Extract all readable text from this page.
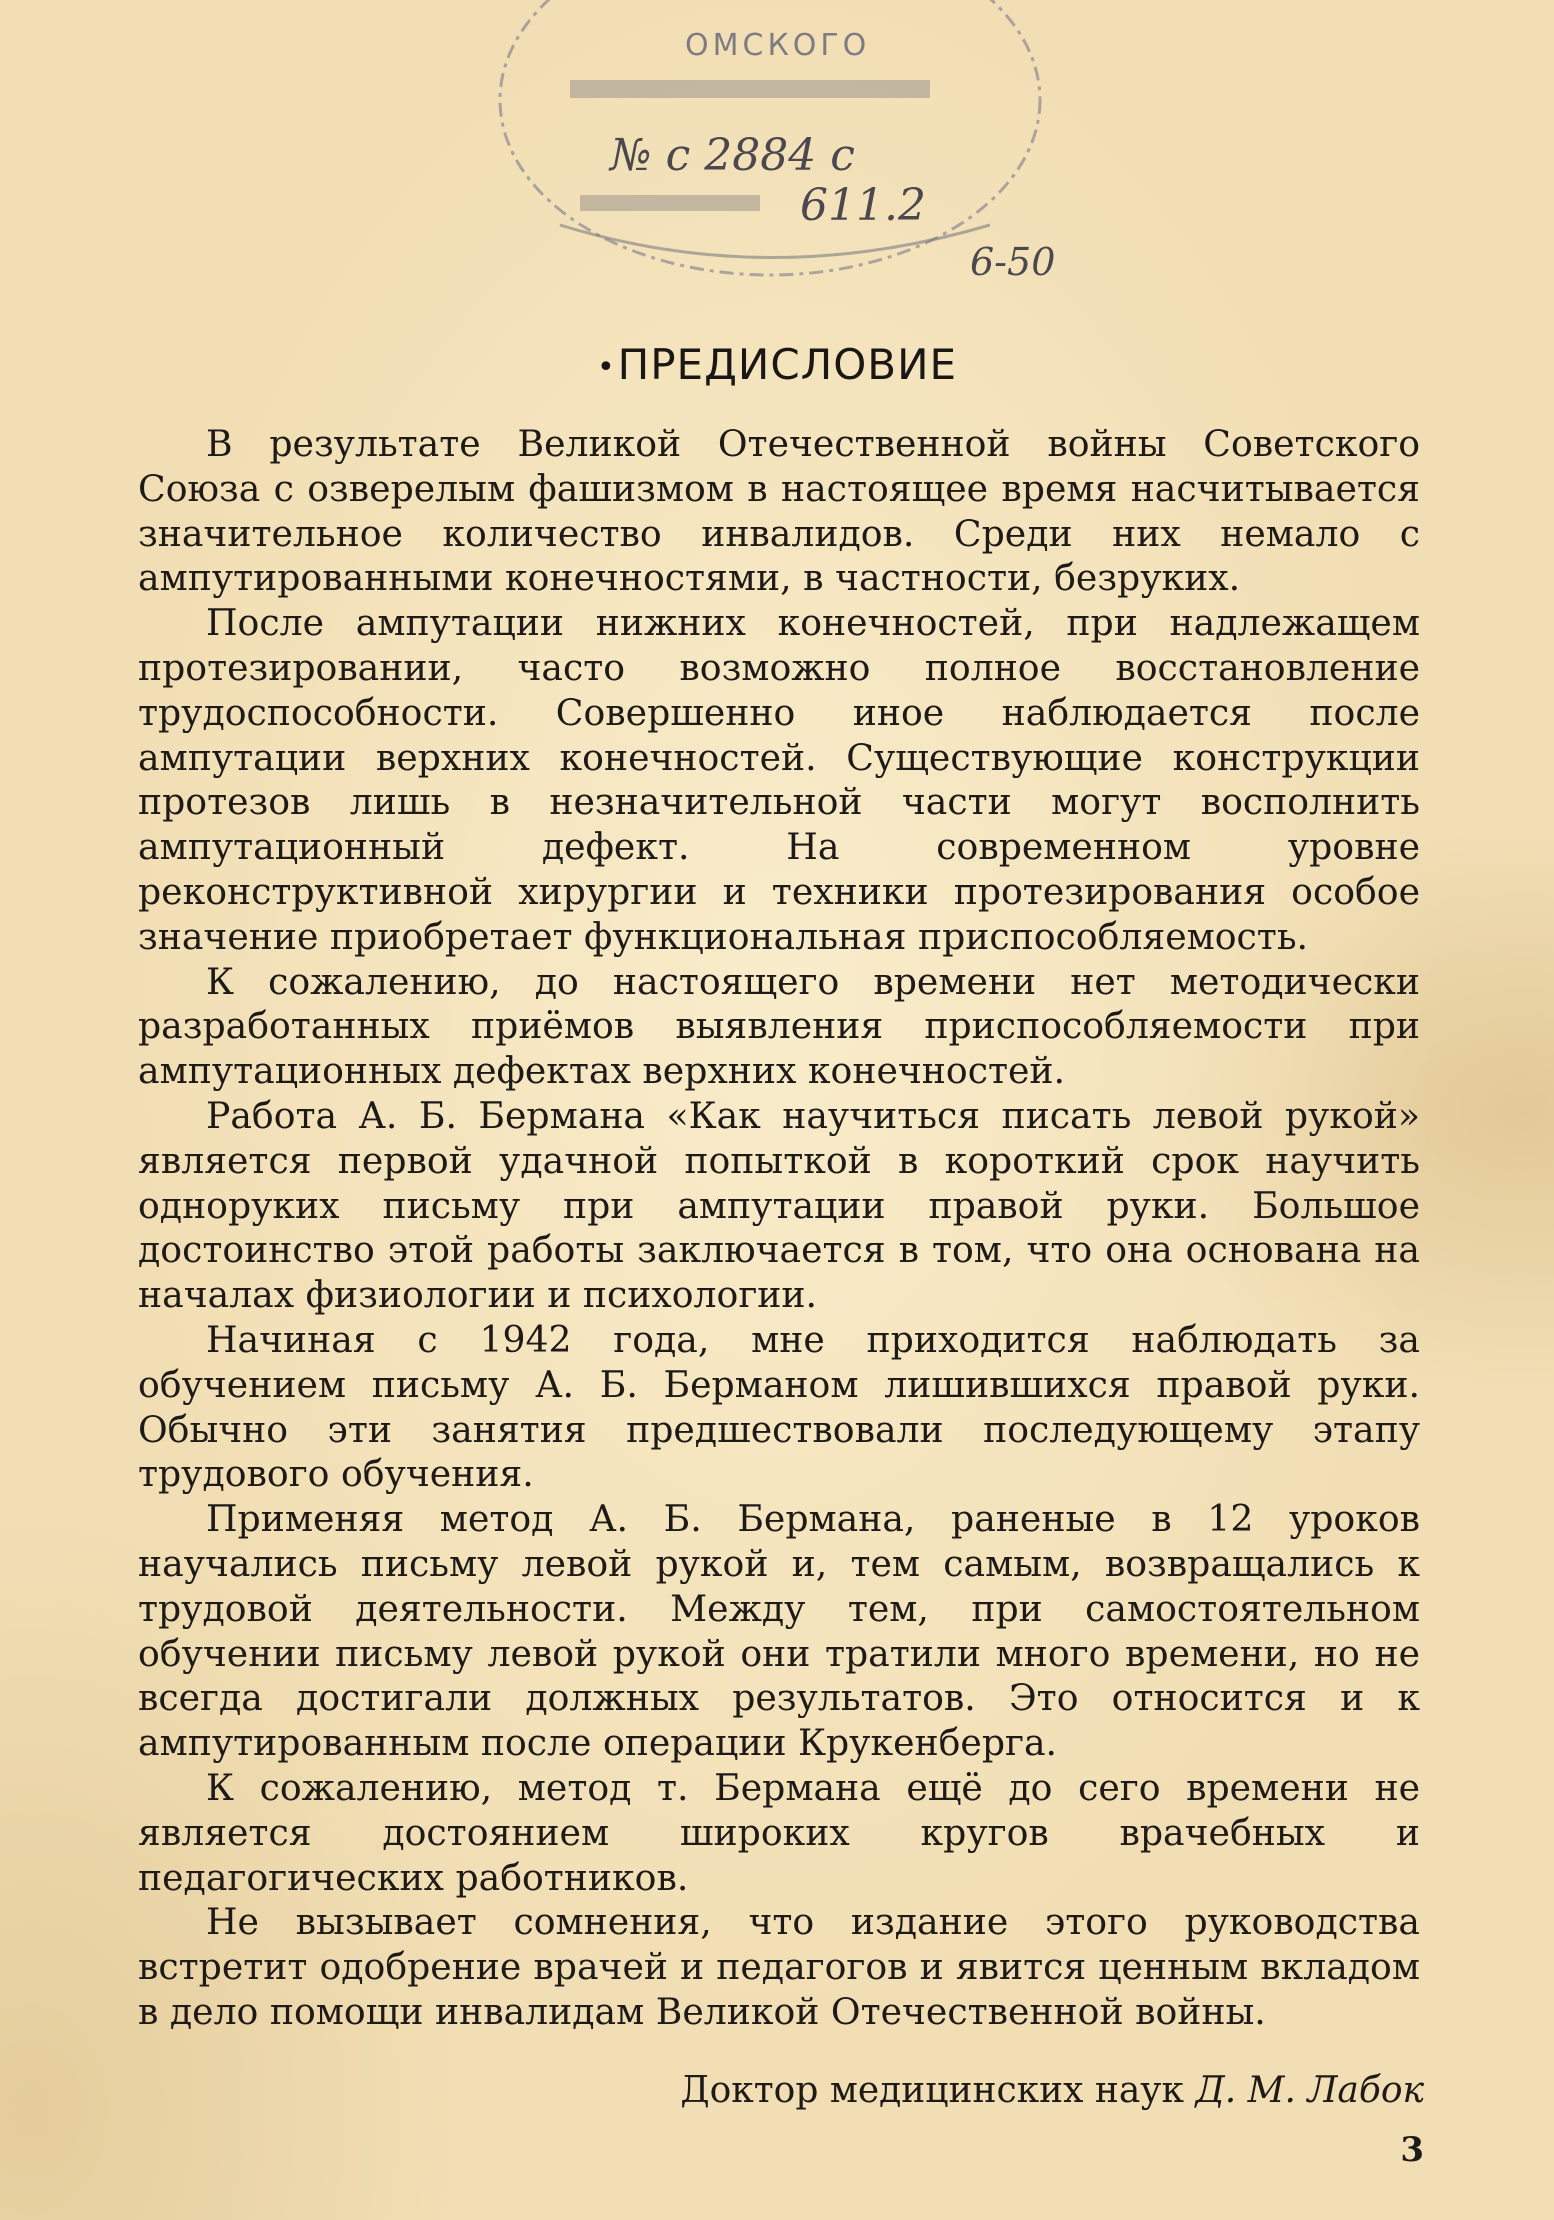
ОМСКОГО
№ с 2884 с
611.2
6-50
•ПРЕДИСЛОВИЕ

В результате Великой Отечественной войны Советского Союза с озверелым фашизмом в настоящее время насчитывается значительное количество инвалидов. Среди них немало с ампутированными конечностями, в частности, безруких.

После ампутации нижних конечностей, при надлежащем протезировании, часто возможно полное восстановление трудоспособности. Совершенно иное наблюдается после ампутации верхних конечностей. Существующие конструкции протезов лишь в незначительной части могут восполнить ампутационный дефект. На современном уровне реконструктивной хирургии и техники протезирования особое значение приобретает функциональная приспособляемость.

К сожалению, до настоящего времени нет методически разработанных приёмов выявления приспособляемости при ампутационных дефектах верхних конечностей.

Работа А. Б. Бермана «Как научиться писать левой рукой» является первой удачной попыткой в короткий срок научить одноруких письму при ампутации правой руки. Большое достоинство этой работы заключается в том, что она основана на началах физиологии и психологии.

Начиная с 1942 года, мне приходится наблюдать за обучением письму А. Б. Берманом лишившихся правой руки. Обычно эти занятия предшествовали последующему этапу трудового обучения.

Применяя метод А. Б. Бермана, раненые в 12 уроков научались письму левой рукой и, тем самым, возвращались к трудовой деятельности. Между тем, при самостоятельном обучении письму левой рукой они тратили много времени, но не всегда достигали должных результатов. Это относится и к ампутированным после операции Крукенберга.

К сожалению, метод т. Бермана ещё до сего времени не является достоянием широких кругов врачебных и педагогических работников.

Не вызывает сомнения, что издание этого руководства встретит одобрение врачей и педагогов и явится ценным вкладом в дело помощи инвалидам Великой Отечественной войны.

Доктор медицинских наук Д. М. Лабок
3
